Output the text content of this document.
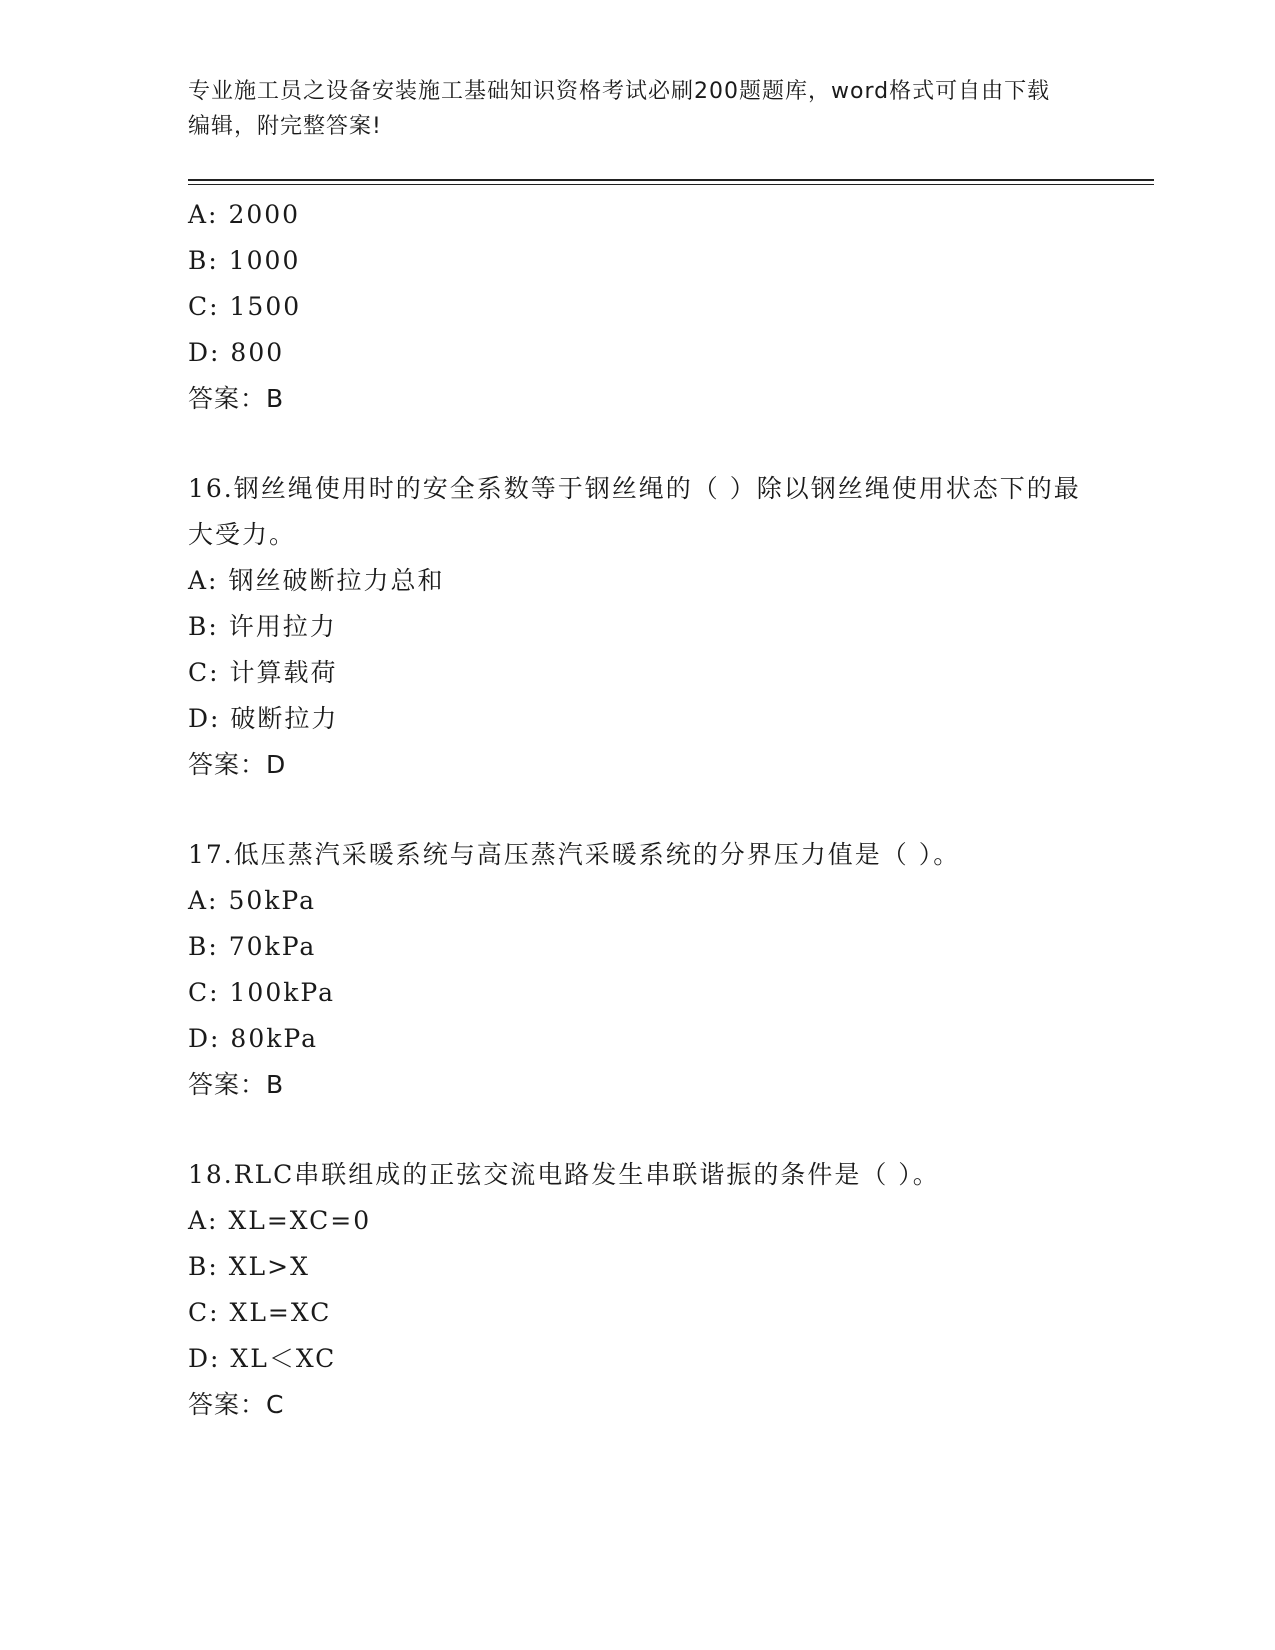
专业施工员之设备安装施工基础知识资格考试必刷200题题库，word格式可自由下载编辑，附完整答案!
A: 2000
B: 1000
C: 1500
D: 800
答案：B
16.钢丝绳使用时的安全系数等于钢丝绳的（ ）除以钢丝绳使用状态下的最大受力。
A: 钢丝破断拉力总和
B: 许用拉力
C: 计算载荷
D: 破断拉力
答案：D
17.低压蒸汽采暖系统与高压蒸汽采暖系统的分界压力值是（ ）。
A: 50kPa
B: 70kPa
C: 100kPa
D: 80kPa
答案：B
18.RLC串联组成的正弦交流电路发生串联谐振的条件是（ ）。
A: XL=XC=0
B: XL>X
C: XL=XC
D: XL＜XC
答案：C
